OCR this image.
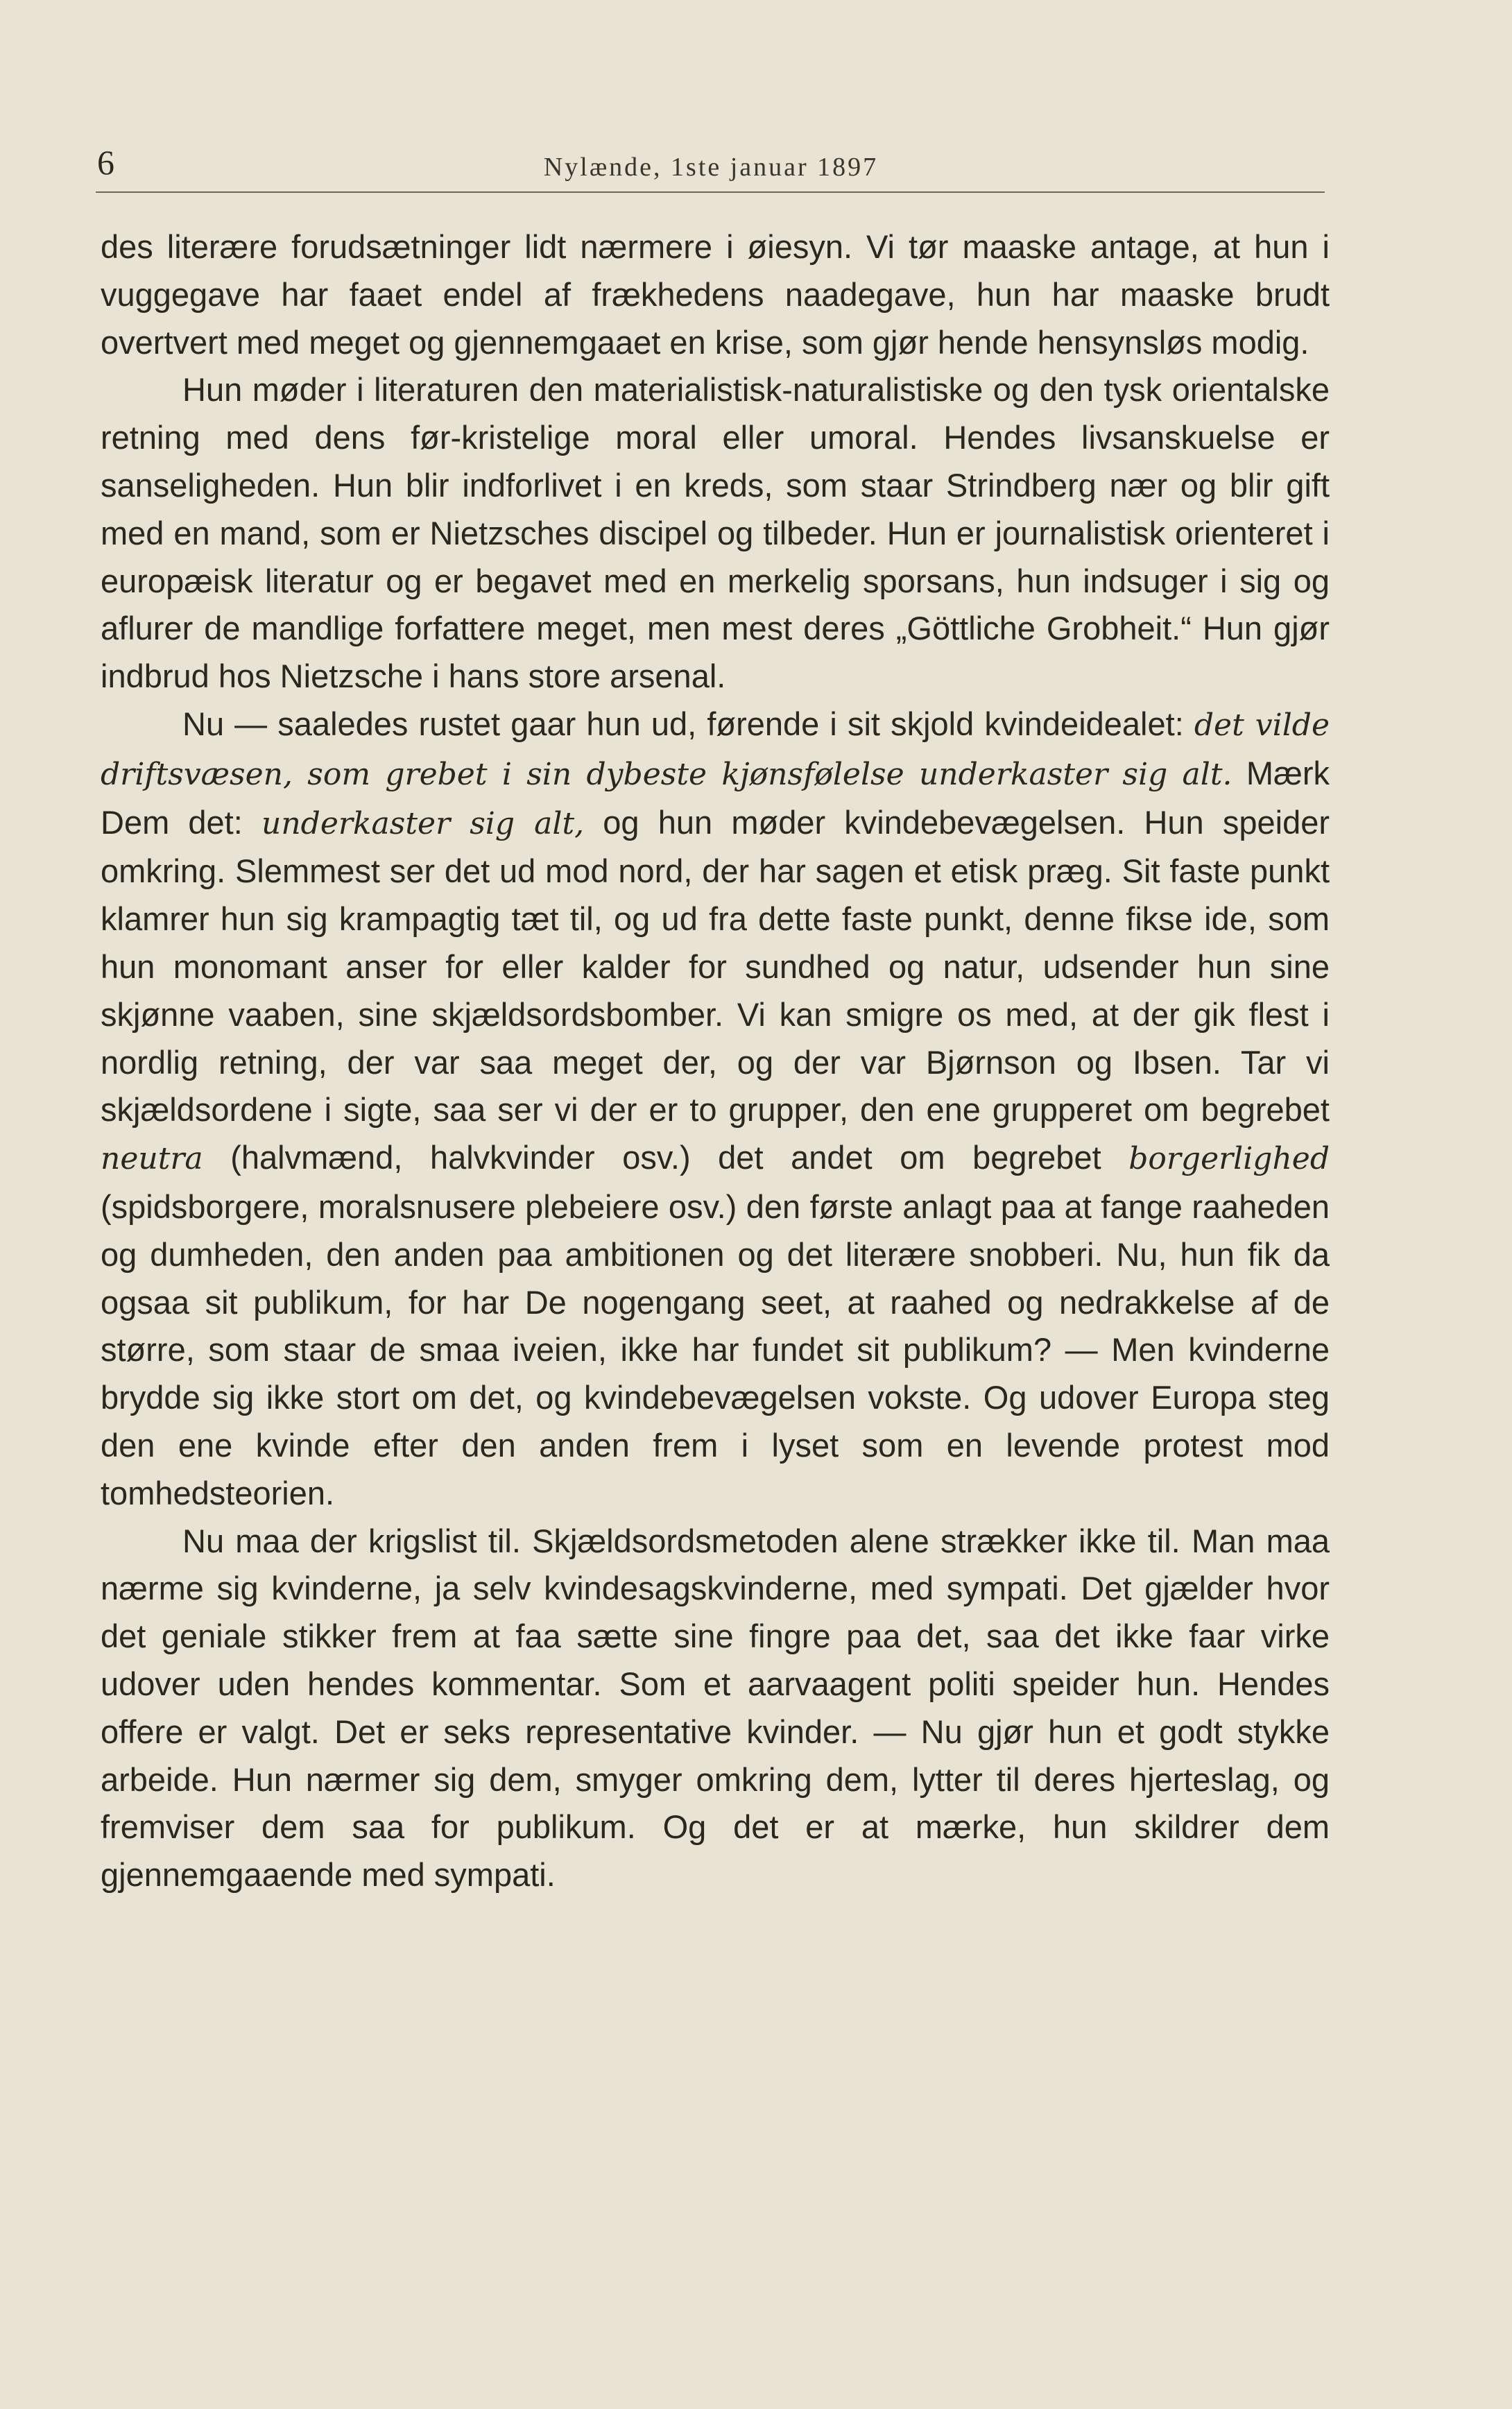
6	Nylænde, 1ste januar 1897

des literære forudsætninger lidt nærmere i øiesyn. Vi tør maaske antage, at hun i vuggegave har faaet endel af frækhedens naadegave, hun har maaske brudt overtvert med meget og gjennemgaaet en krise, som gjør hende hensynsløs modig.

Hun møder i literaturen den materialistisk-naturalistiske og den tysk orientalske retning med dens før-kristelige moral eller umoral. Hendes livsanskuelse er sanseligheden. Hun blir indforlivet i en kreds, som staar Strindberg nær og blir gift med en mand, som er Nietzsches discipel og tilbeder. Hun er journalistisk orienteret i europæisk literatur og er begavet med en merkelig sporsans, hun indsuger i sig og aflurer de mandlige forfattere meget, men mest deres „Göttliche Grobheit.“ Hun gjør indbrud hos Nietzsche i hans store arsenal.

Nu — saaledes rustet gaar hun ud, førende i sit skjold kvindeidealet: det vilde driftsvæsen, som grebet i sin dybeste kjønsfølelse underkaster sig alt. Mærk Dem det: underkaster sig alt, og hun møder kvindebevægelsen. Hun speider omkring. Slemmest ser det ud mod nord, der har sagen et etisk præg. Sit faste punkt klamrer hun sig krampagtig tæt til, og ud fra dette faste punkt, denne fikse ide, som hun monomant anser for eller kalder for sundhed og natur, udsender hun sine skjønne vaaben, sine skjældsordsbomber. Vi kan smigre os med, at der gik flest i nordlig retning, der var saa meget der, og der var Bjørnson og Ibsen. Tar vi skjældsordene i sigte, saa ser vi der er to grupper, den ene grupperet om begrebet neutra (halvmænd, halvkvinder osv.) det andet om begrebet borgerlighed (spidsborgere, moralsnusere plebeiere osv.) den første anlagt paa at fange raaheden og dumheden, den anden paa ambitionen og det literære snobberi. Nu, hun fik da ogsaa sit publikum, for har De nogengang seet, at raahed og nedrakkelse af de større, som staar de smaa iveien, ikke har fundet sit publikum? — Men kvinderne brydde sig ikke stort om det, og kvindebevægelsen vokste. Og udover Europa steg den ene kvinde efter den anden frem i lyset som en levende protest mod tomhedsteorien.

Nu maa der krigslist til. Skjældsordsmetoden alene strækker ikke til. Man maa nærme sig kvinderne, ja selv kvindesagskvinderne, med sympati. Det gjælder hvor det geniale stikker frem at faa sætte sine fingre paa det, saa det ikke faar virke udover uden hendes kommentar. Som et aarvaagent politi speider hun. Hendes offere er valgt. Det er seks representative kvinder. — Nu gjør hun et godt stykke arbeide. Hun nærmer sig dem, smyger omkring dem, lytter til deres hjerteslag, og fremviser dem saa for publikum. Og det er at mærke, hun skildrer dem gjennemgaaende med sympati.
